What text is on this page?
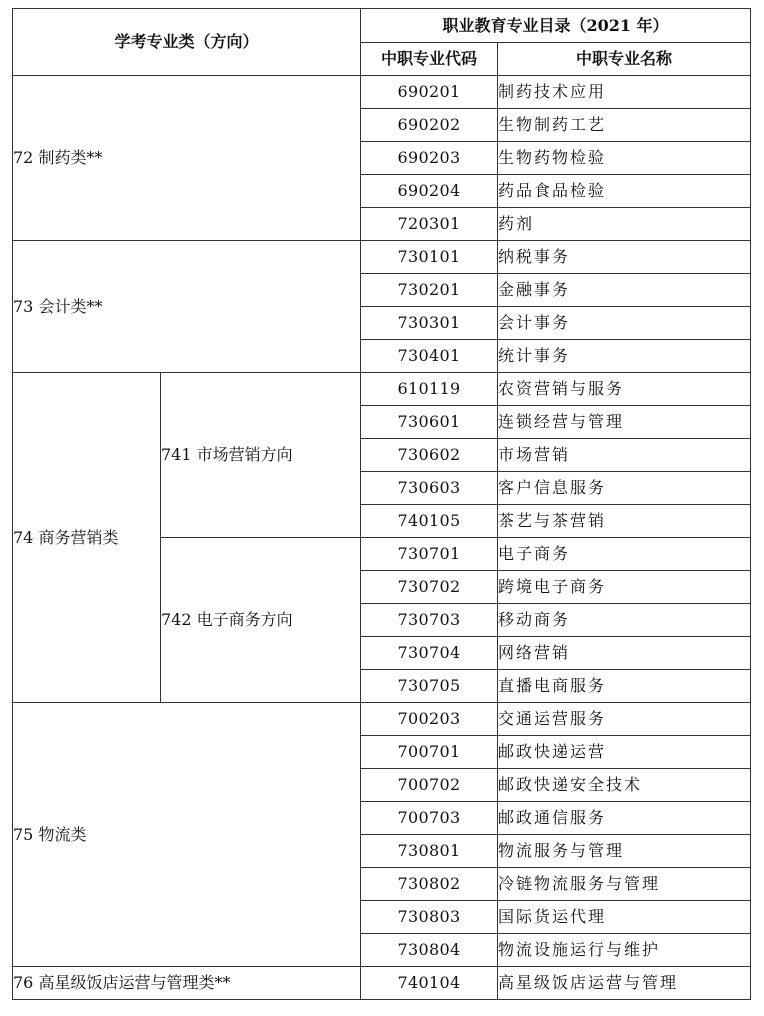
学考专业类（方向）		职业教育专业目录（2021 年）	
		中职专业代码	中职专业名称
72 制药类**		690201	制药技术应用
		690202	生物制药工艺
		690203	生物药物检验
		690204	药品食品检验
		720301	药剂
73 会计类**		730101	纳税事务
		730201	金融事务
		730301	会计事务
		730401	统计事务
74 商务营销类	741 市场营销方向	610119	农资营销与服务
		730601	连锁经营与管理
		730602	市场营销
		730603	客户信息服务
		740105	茶艺与茶营销
	742 电子商务方向	730701	电子商务
		730702	跨境电子商务
		730703	移动商务
		730704	网络营销
		730705	直播电商服务
75 物流类		700203	交通运营服务
		700701	邮政快递运营
		700702	邮政快递安全技术
		700703	邮政通信服务
		730801	物流服务与管理
		730802	冷链物流服务与管理
		730803	国际货运代理
		730804	物流设施运行与维护
76 高星级饭店运营与管理类**		740104	高星级饭店运营与管理
